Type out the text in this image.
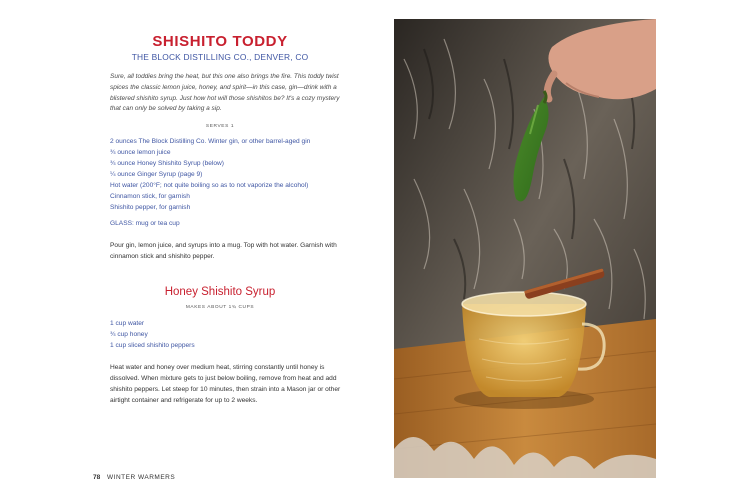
SHISHITO TODDY
THE BLOCK DISTILLING CO., DENVER, CO

Sure, all toddies bring the heat, but this one also brings the fire. This toddy twist spices the classic lemon juice, honey, and spirit—in this case, gin—drink with a blistered shishito syrup. Just how hot will those shishitos be? It's a cozy mystery that can only be solved by taking a sip.

SERVES 1
2 ounces The Block Distilling Co. Winter gin, or other barrel-aged gin
¾ ounce lemon juice
¾ ounce Honey Shishito Syrup (below)
¼ ounce Ginger Syrup (page 9)
Hot water (200°F; not quite boiling so as to not vaporize the alcohol)
Cinnamon stick, for garnish
Shishito pepper, for garnish
GLASS: mug or tea cup

Pour gin, lemon juice, and syrups into a mug. Top with hot water. Garnish with cinnamon stick and shishito pepper.

Honey Shishito Syrup
MAKES ABOUT 1¾ CUPS
1 cup water
¾ cup honey
1 cup sliced shishito peppers

Heat water and honey over medium heat, stirring constantly until honey is dissolved. When mixture gets to just below boiling, remove from heat and add shishito peppers. Let steep for 10 minutes, then strain into a Mason jar or other airtight container and refrigerate for up to 2 weeks.

78 WINTER WARMERS
